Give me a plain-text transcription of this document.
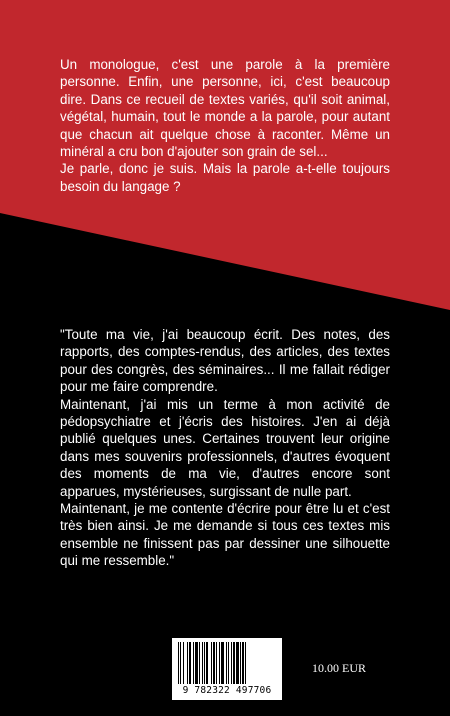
Un monologue, c'est une parole à la première personne. Enfin, une personne, ici, c'est beaucoup dire. Dans ce recueil de textes variés, qu'il soit animal, végétal, humain, tout le monde a la parole, pour autant que chacun ait quelque chose à raconter. Même un minéral a cru bon d'ajouter son grain de sel...

Je parle, donc je suis. Mais la parole a-t-elle toujours besoin du langage ?

"Toute ma vie, j'ai beaucoup écrit. Des notes, des rapports, des comptes-rendus, des articles, des textes pour des congrès, des séminaires... Il me fallait rédiger pour me faire comprendre.

Maintenant, j'ai mis un terme à mon activité de pédopsychiatre et j'écris des histoires. J'en ai déjà publié quelques unes. Certaines trouvent leur origine dans mes souvenirs professionnels, d'autres évoquent des moments de ma vie, d'autres encore sont apparues, mystérieuses, surgissant de nulle part.

Maintenant, je me contente d'écrire pour être lu et c'est très bien ainsi. Je me demande si tous ces textes mis ensemble ne finissent pas par dessiner une silhouette qui me ressemble."

9 782322 497706
10.00 EUR
